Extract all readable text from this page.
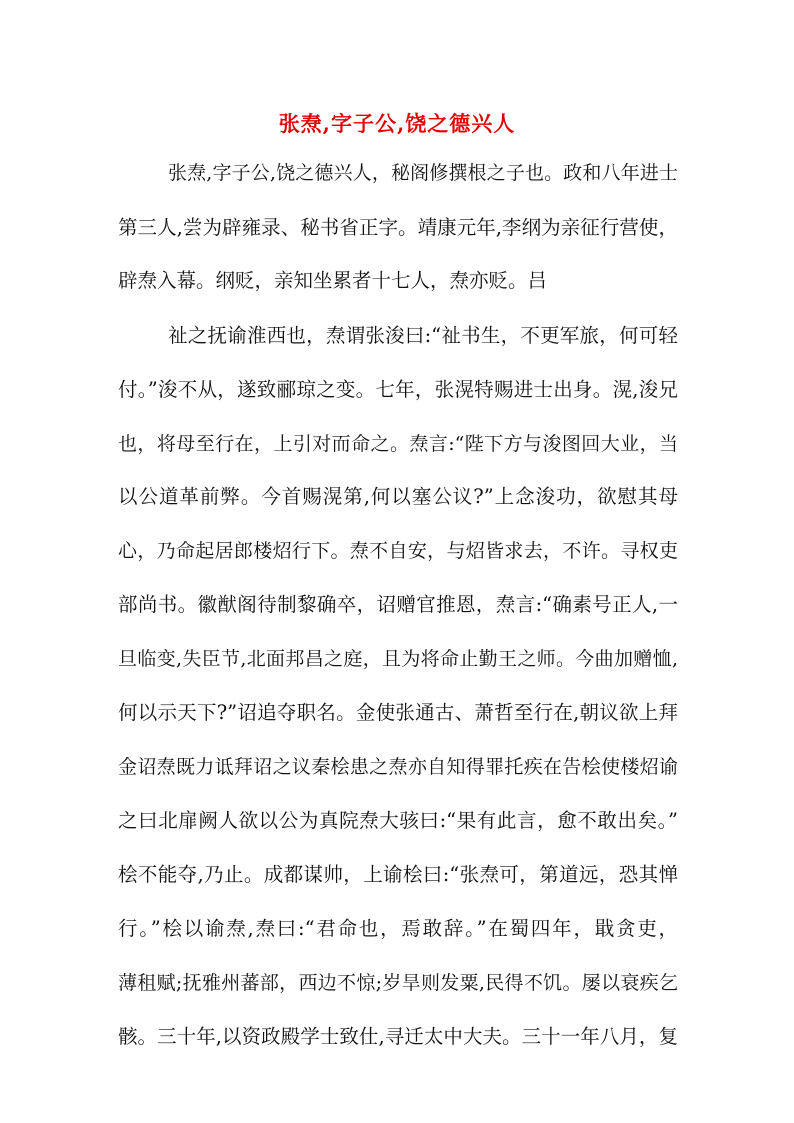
张焘,字子公,饶之德兴人
张焘,字子公,饶之德兴人，秘阁修撰根之子也。政和八年进士
第三人,尝为辟雍录、秘书省正字。靖康元年,李纲为亲征行营使，
辟焘入幕。纲贬，亲知坐累者十七人，焘亦贬。吕
祉之抚谕淮西也，焘谓张浚曰:“祉书生，不更军旅，何可轻
付。”浚不从，遂致郦琼之变。七年，张滉特赐进士出身。滉,浚兄
也，将母至行在，上引对而命之。焘言:“陛下方与浚图回大业，当
以公道革前弊。今首赐滉第,何以塞公议?”上念浚功，欲慰其母
心，乃命起居郎楼炤行下。焘不自安，与炤皆求去，不许。寻权吏
部尚书。徽猷阁待制黎确卒，诏赠官推恩，焘言:“确素号正人,一
旦临变,失臣节,北面邦昌之庭，且为将命止勤王之师。今曲加赠恤,
何以示天下?”诏追夺职名。金使张通古、萧哲至行在,朝议欲上拜
金诏焘既力诋拜诏之议秦桧患之焘亦自知得罪托疾在告桧使楼炤谕
之曰北扉阙人欲以公为真院焘大骇曰:“果有此言，愈不敢出矣。”
桧不能夺,乃止。成都谋帅，上谕桧曰:“张焘可，第道远，恐其惮
行。”桧以谕焘,焘曰:“君命也，焉敢辞。”在蜀四年，戢贪吏，
薄租赋;抚雅州蕃部，西边不惊;岁旱则发粟,民得不饥。屡以衰疾乞
骸。三十年,以资政殿学士致仕,寻迁太中大夫。三十一年八月，复
